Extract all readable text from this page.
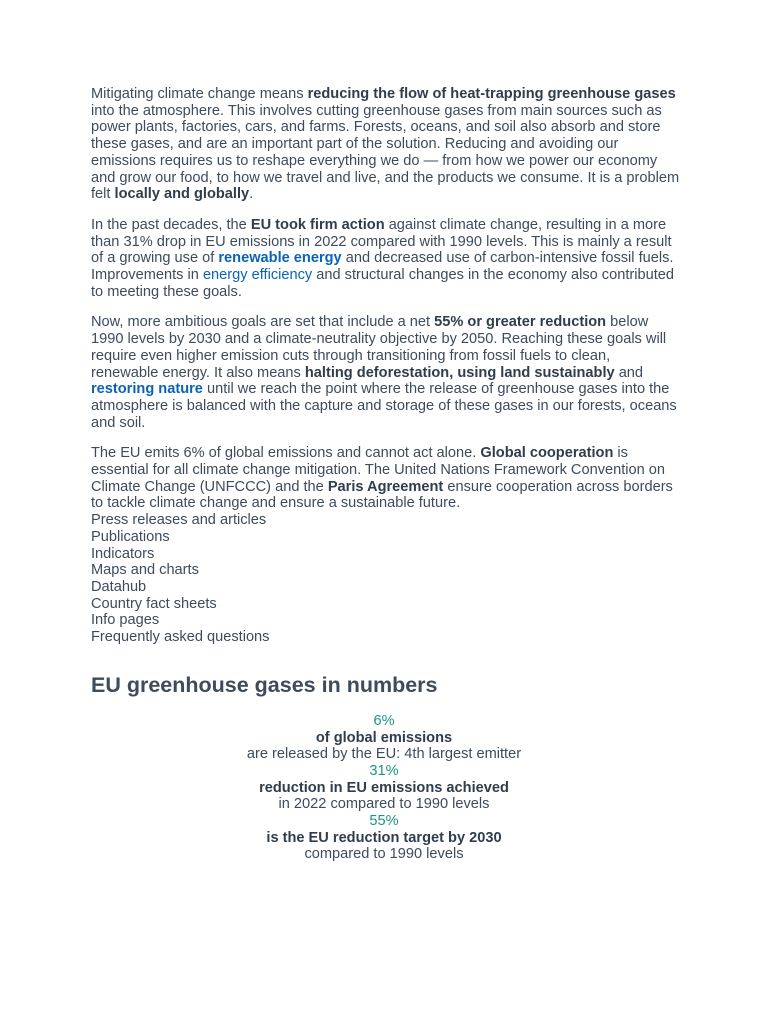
Mitigating climate change means reducing the flow of heat-trapping greenhouse gases into the atmosphere. This involves cutting greenhouse gases from main sources such as power plants, factories, cars, and farms. Forests, oceans, and soil also absorb and store these gases, and are an important part of the solution. Reducing and avoiding our emissions requires us to reshape everything we do — from how we power our economy and grow our food, to how we travel and live, and the products we consume. It is a problem felt locally and globally.

In the past decades, the EU took firm action against climate change, resulting in a more than 31% drop in EU emissions in 2022 compared with 1990 levels. This is mainly a result of a growing use of renewable energy and decreased use of carbon-intensive fossil fuels. Improvements in energy efficiency and structural changes in the economy also contributed to meeting these goals.

Now, more ambitious goals are set that include a net 55% or greater reduction below 1990 levels by 2030 and a climate-neutrality objective by 2050. Reaching these goals will require even higher emission cuts through transitioning from fossil fuels to clean, renewable energy. It also means halting deforestation, using land sustainably and restoring nature until we reach the point where the release of greenhouse gases into the atmosphere is balanced with the capture and storage of these gases in our forests, oceans and soil.

The EU emits 6% of global emissions and cannot act alone. Global cooperation is essential for all climate change mitigation. The United Nations Framework Convention on Climate Change (UNFCCC) and the Paris Agreement ensure cooperation across borders to tackle climate change and ensure a sustainable future.

Press releases and articles
Publications
Indicators
Maps and charts
Datahub
Country fact sheets
Info pages
Frequently asked questions
EU greenhouse gases in numbers
6%
of global emissions
are released by the EU: 4th largest emitter
31%
reduction in EU emissions achieved
in 2022 compared to 1990 levels
55%
is the EU reduction target by 2030
compared to 1990 levels
